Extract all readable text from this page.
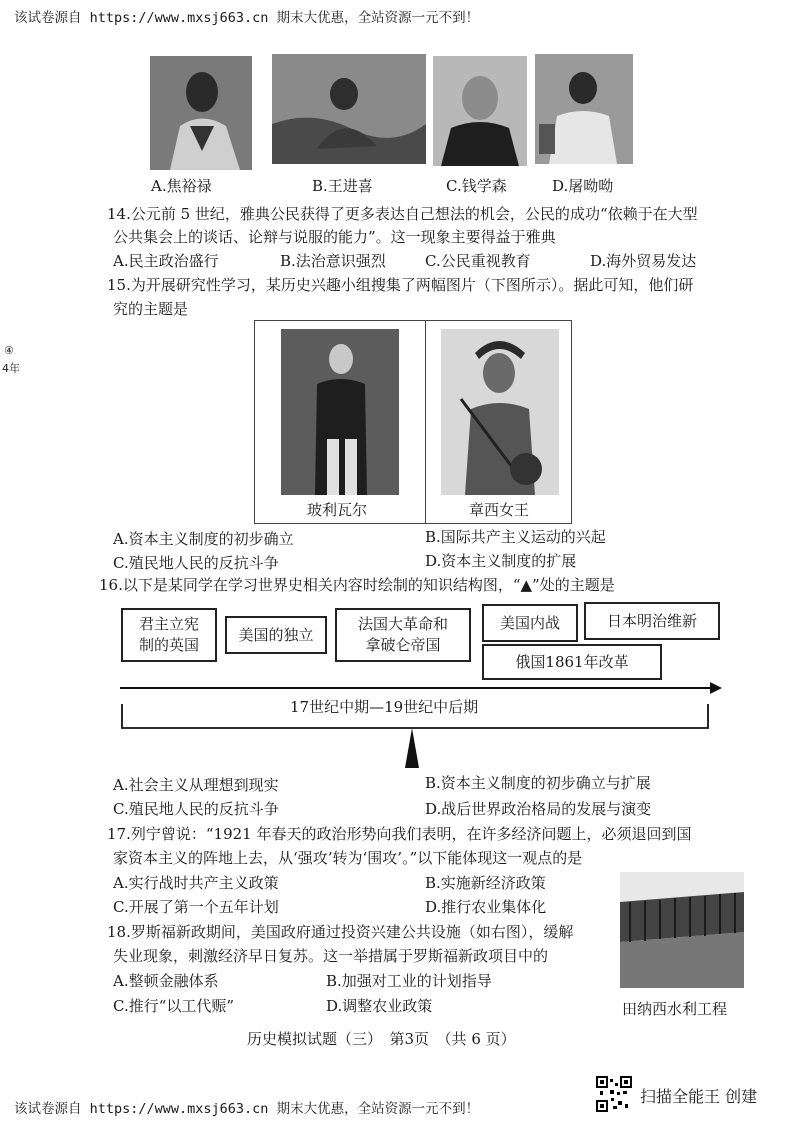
该试卷源自 https://www.mxsj663.cn 期末大优惠，全站资源一元不到！
A.焦裕禄	B.王进喜	C.钱学森	D.屠呦呦
14.公元前 5 世纪，雅典公民获得了更多表达自己想法的机会，公民的成功“依赖于在大型
公共集会上的谈话、论辩与说服的能力”。这一现象主要得益于雅典
A.民主政治盛行	B.法治意识强烈	C.公民重视教育	D.海外贸易发达
15.为开展研究性学习，某历史兴趣小组搜集了两幅图片（下图所示）。据此可知，他们研
究的主题是
玻利瓦尔	章西女王
A.资本主义制度的初步确立	B.国际共产主义运动的兴起
C.殖民地人民的反抗斗争	D.资本主义制度的扩展
16.以下是某同学在学习世界史相关内容时绘制的知识结构图，“▲”处的主题是
君主立宪
制的英国
美国的独立
法国大革命和
拿破仑帝国
美国内战	日本明治维新
俄国1861年改革
17世纪中期—19世纪中后期
A.社会主义从理想到现实	B.资本主义制度的初步确立与扩展
C.殖民地人民的反抗斗争	D.战后世界政治格局的发展与演变
17.列宁曾说：“1921 年春天的政治形势向我们表明，在许多经济问题上，必须退回到国
家资本主义的阵地上去，从‘强攻’转为‘围攻’。”以下能体现这一观点的是
A.实行战时共产主义政策	B.实施新经济政策
C.开展了第一个五年计划	D.推行农业集体化
18.罗斯福新政期间，美国政府通过投资兴建公共设施（如右图），缓解
失业现象，刺激经济早日复苏。这一举措属于罗斯福新政项目中的
A.整顿金融体系	B.加强对工业的计划指导
C.推行“以工代赈”	D.调整农业政策	田纳西水利工程
历史模拟试题（三）　第3页　（共 6 页）
④
4年
该试卷源自 https://www.mxsj663.cn 期末大优惠，全站资源一元不到！
扫描全能王 创建
